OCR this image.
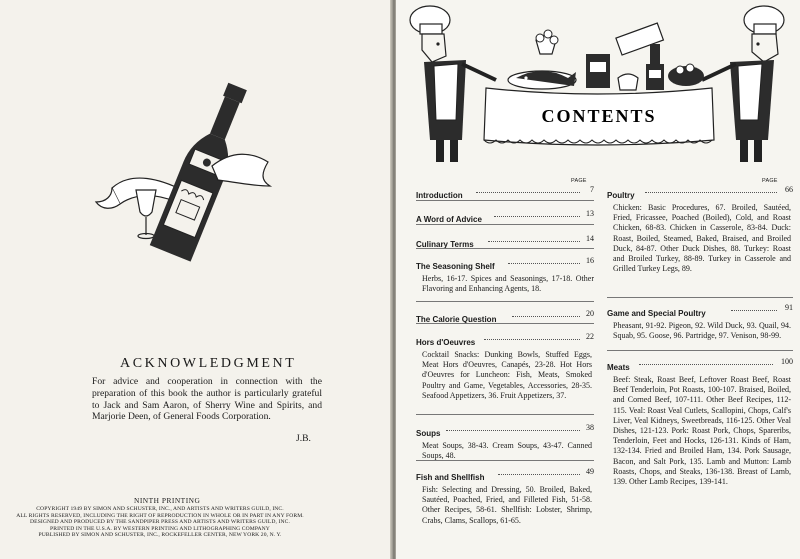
ACKNOWLEDGMENT
For advice and cooperation in connection with the preparation of this book the author is particularly grateful to Jack and Sam Aaron, of Sherry Wine and Spirits, and Marjorie Deen, of General Foods Corporation.
J.B.
NINTH PRINTING
COPYRIGHT 1949 BY SIMON AND SCHUSTER, INC., AND ARTISTS AND WRITERS GUILD, INC.
ALL RIGHTS RESERVED, INCLUDING THE RIGHT OF REPRODUCTION IN WHOLE OR IN PART IN ANY FORM.
DESIGNED AND PRODUCED BY THE SANDPIPER PRESS AND ARTISTS AND WRITERS GUILD, INC.
PRINTED IN THE U.S.A. BY WESTERN PRINTING AND LITHOGRAPHING COMPANY
PUBLISHED BY SIMON AND SCHUSTER, INC., ROCKEFELLER CENTER, NEW YORK 20, N. Y.
CONTENTS
PAGE	PAGE
Introduction
7
A Word of Advice
13
Culinary Terms
14
The Seasoning Shelf
16
Herbs, 16-17. Spices and Seasonings, 17-18. Other Flavoring and Enhancing Agents, 18.
The Calorie Question
20
Hors d'Oeuvres
22
Cocktail Snacks: Dunking Bowls, Stuffed Eggs, Meat Hors d'Oeuvres, Canapés, 23-28. Hot Hors d'Oeuvres for Luncheon: Fish, Meats, Smoked Poultry and Game, Vegetables, Accessories, 28-35. Seafood Appetizers, 36. Fruit Appetizers, 37.
Soups
38
Meat Soups, 38-43. Cream Soups, 43-47. Canned Soups, 48.
Fish and Shellfish
49
Fish: Selecting and Dressing, 50. Broiled, Baked, Sautéed, Poached, Fried, and Filleted Fish, 51-58. Other Recipes, 58-61. Shellfish: Lobster, Shrimp, Crabs, Clams, Scallops, 61-65.
Poultry
66
Chicken: Basic Procedures, 67. Broiled, Sautéed, Fried, Fricassee, Poached (Boiled), Cold, and Roast Chicken, 68-83. Chicken in Casserole, 83-84. Duck: Roast, Boiled, Steamed, Baked, Braised, and Broiled Duck, 84-87. Other Duck Dishes, 88. Turkey: Roast and Broiled Turkey, 88-89. Turkey in Casserole and Grilled Turkey Legs, 89.
Game and Special Poultry
91
Pheasant, 91-92. Pigeon, 92. Wild Duck, 93. Quail, 94. Squab, 95. Goose, 96. Partridge, 97. Venison, 98-99.
Meats
100
Beef: Steak, Roast Beef, Leftover Roast Beef, Roast Beef Tenderloin, Pot Roasts, 100-107. Braised, Boiled, and Corned Beef, 107-111. Other Beef Recipes, 112-115. Veal: Roast Veal Cutlets, Scallopini, Chops, Calf's Liver, Veal Kidneys, Sweetbreads, 116-125. Other Veal Dishes, 121-123. Pork: Roast Pork, Chops, Spareribs, Tenderloin, Feet and Hocks, 126-131. Kinds of Ham, 132-134. Fried and Broiled Ham, 134. Pork Sausage, Bacon, and Salt Pork, 135. Lamb and Mutton: Lamb Roasts, Chops, and Steaks, 136-138. Breast of Lamb, 139. Other Lamb Recipes, 139-141.
